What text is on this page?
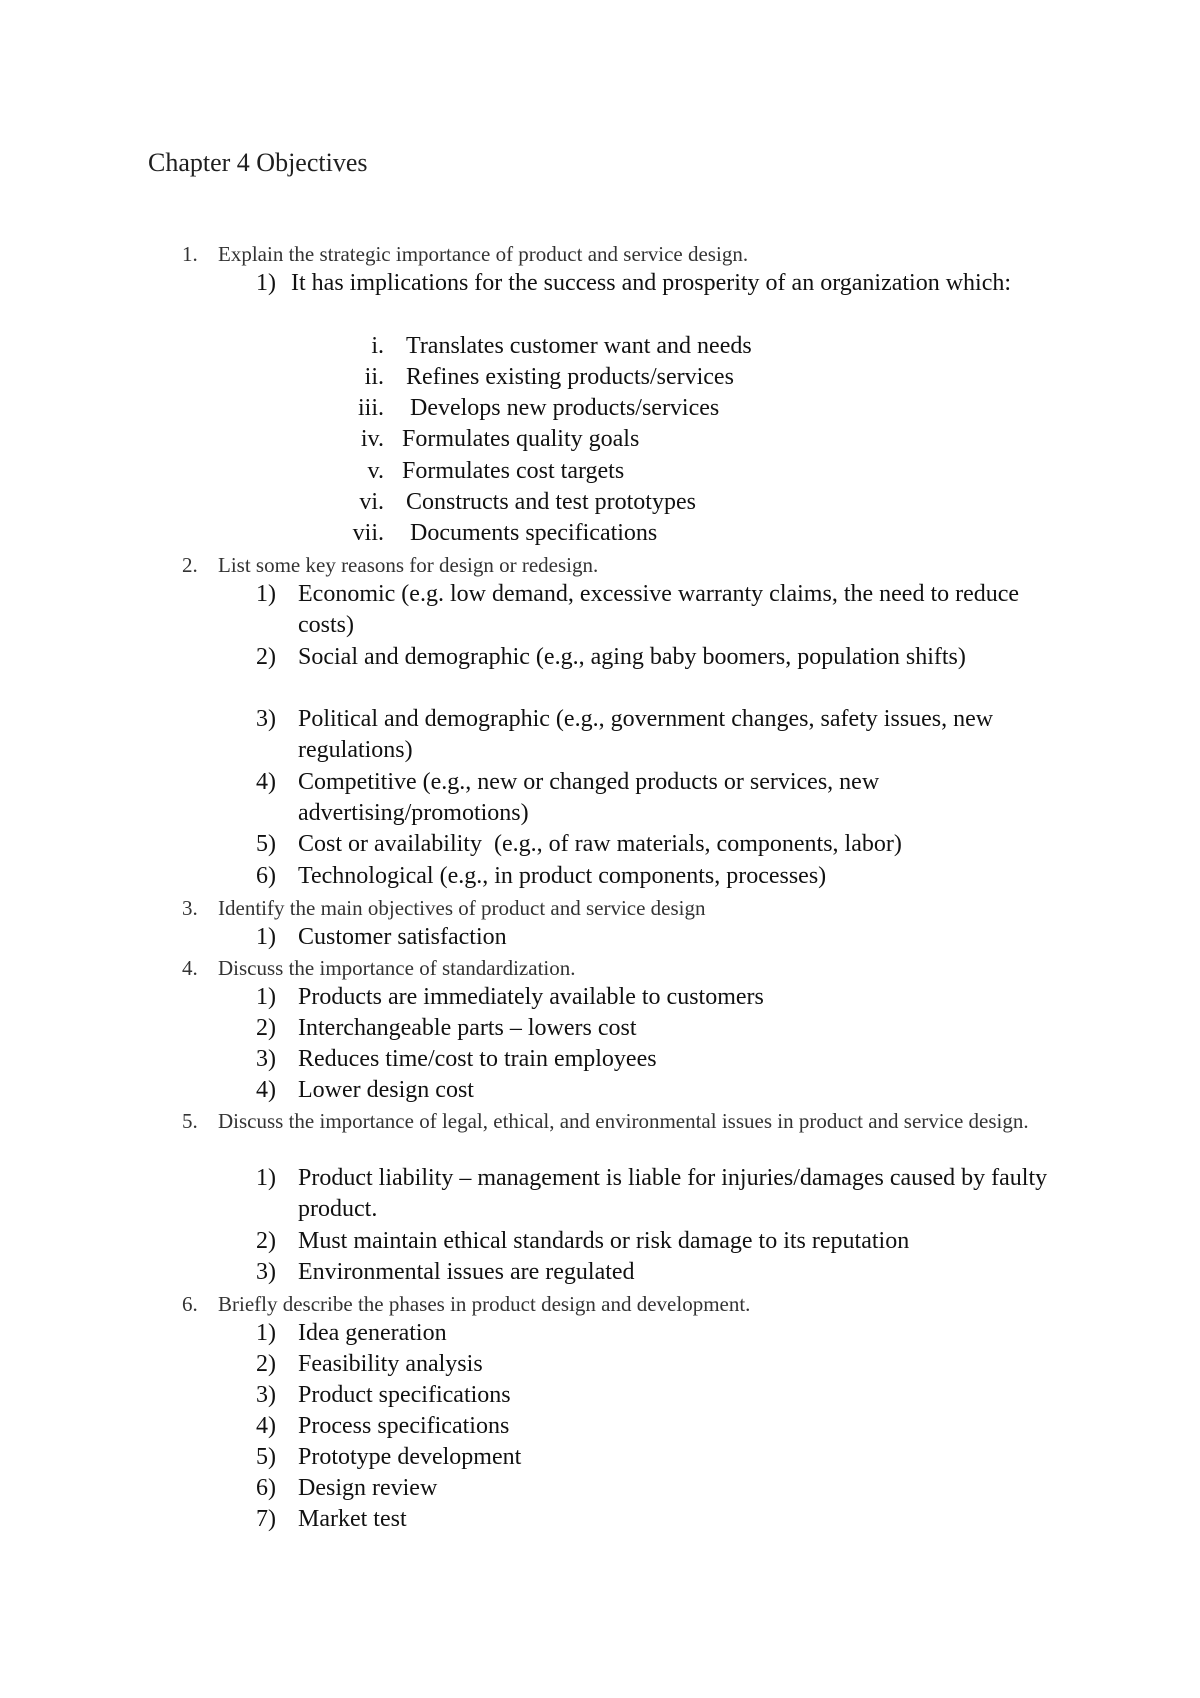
Chapter 4 Objectives
1. Explain the strategic importance of product and service design.
1) It has implications for the success and prosperity of an organization which:
i. Translates customer want and needs
ii. Refines existing products/services
iii. Develops new products/services
iv. Formulates quality goals
v. Formulates cost targets
vi. Constructs and test prototypes
vii. Documents specifications
2. List some key reasons for design or redesign.
1) Economic (e.g. low demand, excessive warranty claims, the need to reduce costs)
2) Social and demographic (e.g., aging baby boomers, population shifts)
3) Political and demographic (e.g., government changes, safety issues, new regulations)
4) Competitive (e.g., new or changed products or services, new advertising/promotions)
5) Cost or availability  (e.g., of raw materials, components, labor)
6) Technological (e.g., in product components, processes)
3. Identify the main objectives of product and service design
1) Customer satisfaction
4. Discuss the importance of standardization.
1) Products are immediately available to customers
2) Interchangeable parts – lowers cost
3) Reduces time/cost to train employees
4) Lower design cost
5. Discuss the importance of legal, ethical, and environmental issues in product and service design.
1) Product liability – management is liable for injuries/damages caused by faulty product.
2) Must maintain ethical standards or risk damage to its reputation
3) Environmental issues are regulated
6. Briefly describe the phases in product design and development.
1) Idea generation
2) Feasibility analysis
3) Product specifications
4) Process specifications
5) Prototype development
6) Design review
7) Market test
